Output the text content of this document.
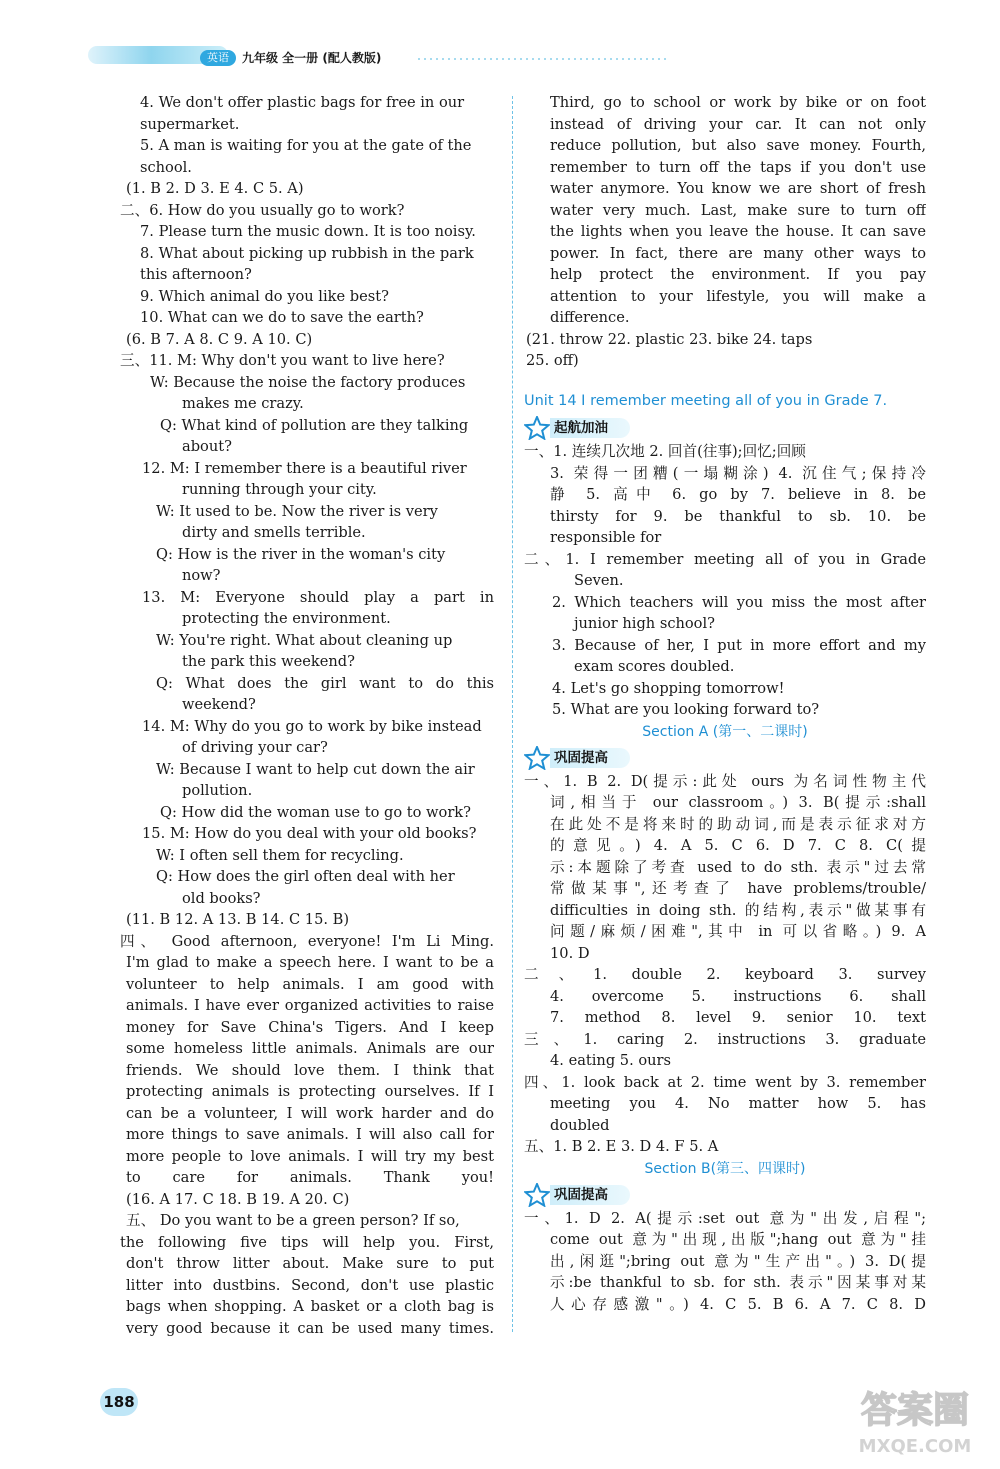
英语	九年级 全一册 (配人教版)
4. We don't offer plastic bags for free in our
supermarket.
5. A man is waiting for you at the gate of the
school.
(1. B 2. D 3. E 4. C 5. A)
二、6. How do you usually go to work?
7. Please turn the music down. It is too noisy.
8. What about picking up rubbish in the park
this afternoon?
9. Which animal do you like best?
10. What can we do to save the earth?
(6. B 7. A 8. C 9. A 10. C)
三、11. M: Why don't you want to live here?
W: Because the noise the factory produces
makes me crazy.
Q: What kind of pollution are they talking
about?
12. M: I remember there is a beautiful river
running through your city.
W: It used to be. Now the river is very
dirty and smells terrible.
Q: How is the river in the woman's city
now?
13. M: Everyone should play a part in
protecting the environment.
W: You're right. What about cleaning up
the park this weekend?
Q: What does the girl want to do this
weekend?
14. M: Why do you go to work by bike instead
of driving your car?
W: Because I want to help cut down the air
pollution.
Q: How did the woman use to go to work?
15. M: How do you deal with your old books?
W: I often sell them for recycling.
Q: How does the girl often deal with her
old books?
(11. B 12. A 13. B 14. C 15. B)
四、 Good afternoon, everyone! I'm Li Ming.
I'm glad to make a speech here. I want to be a
volunteer to help animals. I am good with
animals. I have ever organized activities to raise
money for Save China's Tigers. And I keep
some homeless little animals. Animals are our
friends. We should love them. I think that
protecting animals is protecting ourselves. If I
can be a volunteer, I will work harder and do
more things to save animals. I will also call for
more people to love animals. I will try my best
to care for animals. Thank you!
(16. A 17. C 18. B 19. A 20. C)
五、 Do you want to be a green person? If so,
the following five tips will help you. First,
don't throw litter about. Make sure to put
litter into dustbins. Second, don't use plastic
bags when shopping. A basket or a cloth bag is
very good because it can be used many times.
Third, go to school or work by bike or on foot
instead of driving your car. It can not only
reduce pollution, but also save money. Fourth,
remember to turn off the taps if you don't use
water anymore. You know we are short of fresh
water very much. Last, make sure to turn off
the lights when you leave the house. It can save
power. In fact, there are many other ways to
help protect the environment. If you pay
attention to your lifestyle, you will make a
difference.
(21. throw 22. plastic 23. bike 24. taps
25. off)
Unit 14 I remember meeting all of you in Grade 7.
起航加油
一、1. 连续几次地 2. 回首(往事);回忆;回顾
3. 荣得一团糟(一塌糊涂) 4. 沉住气;保持冷
静 5. 高中 6. go by 7. believe in 8. be
thirsty for 9. be thankful to sb. 10. be
responsible for
二、1. I remember meeting all of you in Grade
Seven.
2. Which teachers will you miss the most after
junior high school?
3. Because of her, I put in more effort and my
exam scores doubled.
4. Let's go shopping tomorrow!
5. What are you looking forward to?
Section A (第一、二课时)
巩固提高
一、1. B 2. D(提示:此处 ours 为名词性物主代
词,相当于 our classroom。) 3. B(提示:shall
在此处不是将来时的助动词,而是表示征求对方
的意见。) 4. A 5. C 6. D 7. C 8. C(提
示:本题除了考查 used to do sth. 表示"过去常
常做某事",还考查了 have problems/trouble/
difficulties in doing sth. 的结构,表示"做某事有
问题/麻烦/困难",其中 in 可以省略。) 9. A
10. D
二、1. double 2. keyboard 3. survey
4. overcome 5. instructions 6. shall
7. method 8. level 9. senior 10. text
三、1. caring 2. instructions 3. graduate
4. eating 5. ours
四、1. look back at 2. time went by 3. remember
meeting you 4. No matter how 5. has
doubled
五、1. B 2. E 3. D 4. F 5. A
Section B(第三、四课时)
巩固提高
一、1. D 2. A(提示:set out 意为"出发,启程";
come out 意为"出现,出版";hang out 意为"挂
出,闲逛";bring out 意为"生产出"。) 3. D(提
示:be thankful to sb. for sth. 表示"因某事对某
人心存感激"。) 4. C 5. B 6. A 7. C 8. D
188	答案圈
MXQE.COM
